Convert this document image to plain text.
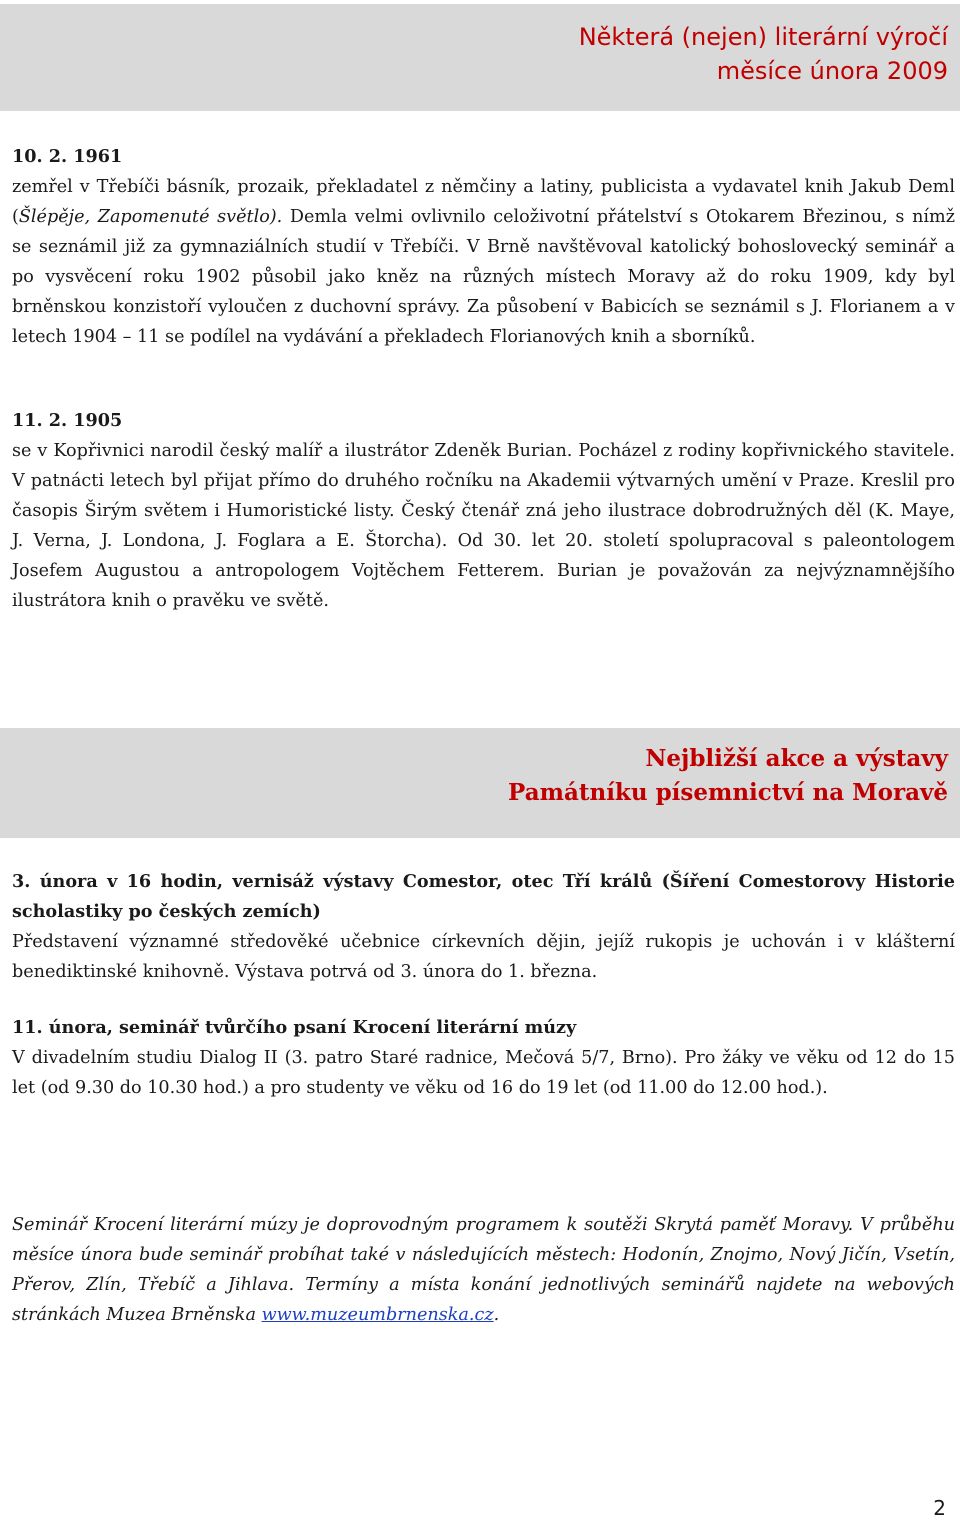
Některá (nejen) literární výročí
měsíce února 2009

10. 2. 1961

zemřel v Třebíči básník, prozaik, překladatel z němčiny a latiny, publicista a vydavatel knih Jakub Deml (Šlépěje, Zapomenuté světlo). Demla velmi ovlivnilo celoživotní přátelství s Otokarem Březinou, s nímž se seznámil již za gymnaziálních studií v Třebíči. V Brně navštěvoval katolický bohoslovecký seminář a po vysvěcení roku 1902 působil jako kněz na různých místech Moravy až do roku 1909, kdy byl brněnskou konzistoří vyloučen z duchovní správy. Za působení v Babicích se seznámil s J. Florianem a v letech 1904 – 11 se podílel na vydávání a překladech Florianových knih a sborníků.

11. 2. 1905

se v Kopřivnici narodil český malíř a ilustrátor Zdeněk Burian. Pocházel z rodiny kopřivnického stavitele. V patnácti letech byl přijat přímo do druhého ročníku na Akademii výtvarných umění v Praze. Kreslil pro časopis Širým světem i Humoristické listy. Český čtenář zná jeho ilustrace dobrodružných děl (K. Maye, J. Verna, J. Londona, J. Foglara a E. Štorcha). Od 30. let 20. století spolupracoval s paleontologem Josefem Augustou a antropologem Vojtěchem Fetterem. Burian je považován za nejvýznamnějšího ilustrátora knih o pravěku ve světě.

Nejbližší akce a výstavy
Památníku písemnictví na Moravě

3. února v 16 hodin, vernisáž výstavy Comestor, otec Tří králů (Šíření Comestorovy Historie scholastiky po českých zemích)

Představení významné středověké učebnice církevních dějin, jejíž rukopis je uchován i v klášterní benediktinské knihovně. Výstava potrvá od 3. února do 1. března.

11. února, seminář tvůrčího psaní Krocení literární múzy

V divadelním studiu Dialog II (3. patro Staré radnice, Mečová 5/7, Brno). Pro žáky ve věku od 12 do 15 let (od 9.30 do 10.30 hod.) a pro studenty ve věku od 16 do 19 let (od 11.00 do 12.00 hod.).

Seminář Krocení literární múzy je doprovodným programem k soutěži Skrytá paměť Moravy. V průběhu měsíce února bude seminář probíhat také v následujících městech: Hodonín, Znojmo, Nový Jičín, Vsetín, Přerov, Zlín, Třebíč a Jihlava. Termíny a místa konání jednotlivých seminářů najdete na webových stránkách Muzea Brněnska www.muzeumbrnenska.cz.

2
